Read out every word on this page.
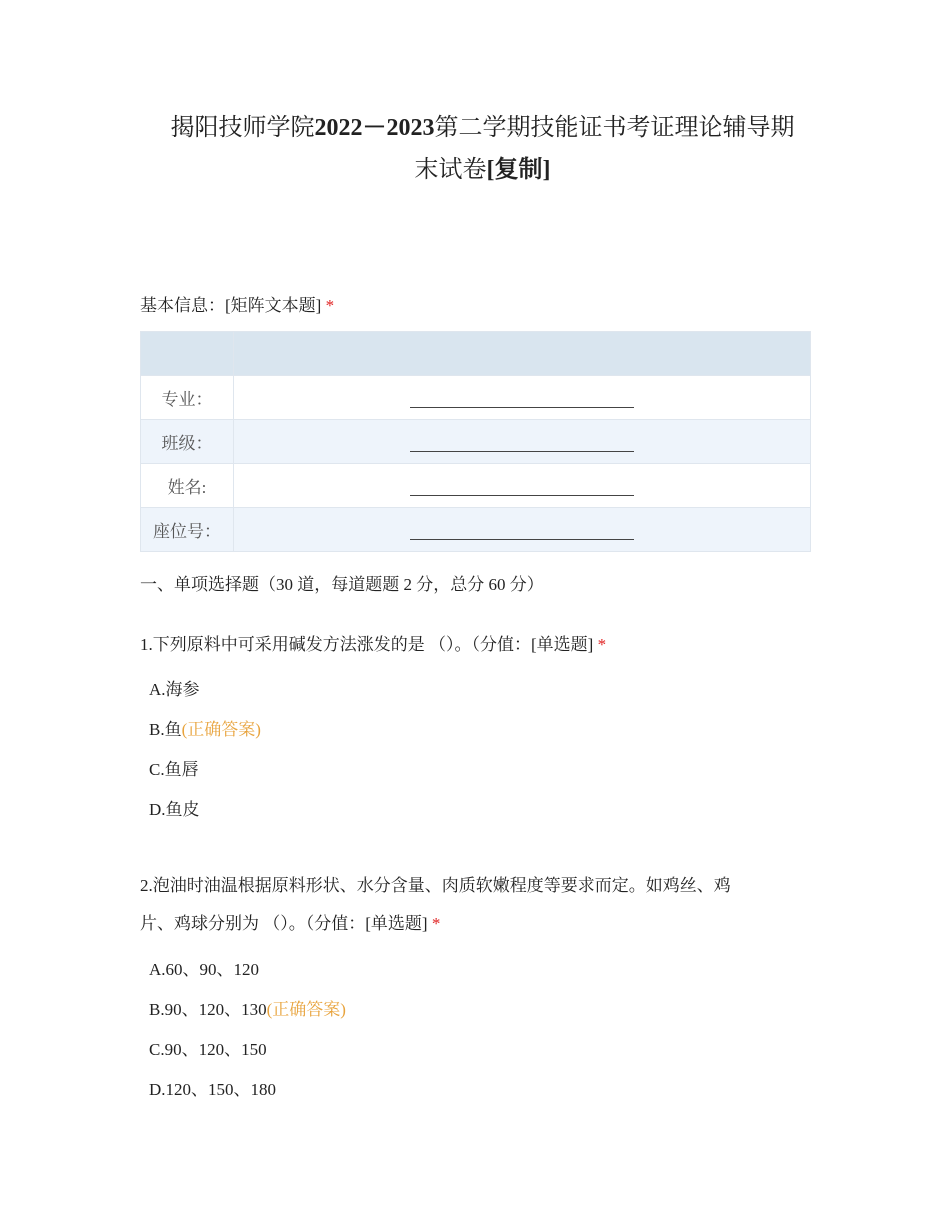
揭阳技师学院2022－2023第二学期技能证书考证理论辅导期
末试卷[复制]
基本信息：[矩阵文本题] *

专业：	
班级：	
姓名:	
座位号：	
一、单项选择题（30 道，每道题题 2 分，总分 60 分）
1.下列原料中可采用碱发方法涨发的是 （）。（分值：[单选题] *
A.海参
B.鱼(正确答案)
C.鱼唇
D.鱼皮
2.泡油时油温根据原料形状、水分含量、肉质软嫩程度等要求而定。如鸡丝、鸡
片、鸡球分别为 （）。（分值：[单选题] *
A.60、90、120
B.90、120、130(正确答案)
C.90、120、150
D.120、150、180
